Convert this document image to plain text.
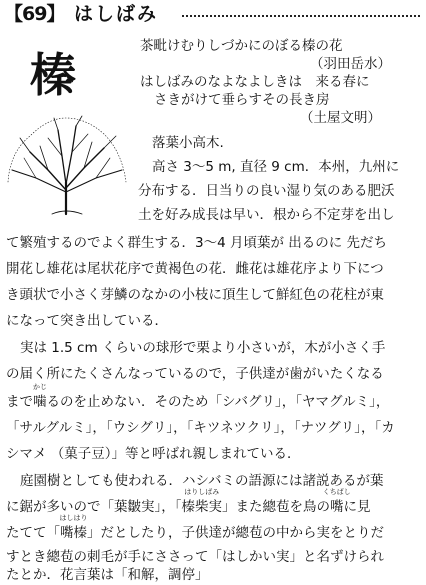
【69】 はしばみ
榛
茶毗けむりしづかにのぼる榛の花
（羽田岳水）
はしばみのなよなよしきは　来る春に
さきがけて垂らすその長き房
（土屋文明）
落葉小高木.
高さ 3～5 m, 直径 9 cm．本州，九州に
分布する．日当りの良い湿り気のある肥沃
土を好み成長は早い．根から不定芽を出し
て繁殖するのでよく群生する．3～4 月頃葉が 出るのに 先だち
開花し雄花は尾状花序で黄褐色の花．雌花は雄花序より下につ
き頭状で小さく芽鱗のなかの小枝に頂生して鮮紅色の花柱が東
になって突き出している．
実は 1.5 cm くらいの球形で栗より小さいが，木が小さく手
の届く所にたくさんなっているので，子供達が歯がいたくなる
まで噛るのを止めない．そのため「シバグリ」，「ヤマグルミ」，
かじ
「サルグルミ」，「ウシグリ」，「キツネツクリ」，「ナツグリ」，「カ
シマメ （菓子豆）」等と呼ばれ親しまれている．
庭園樹としても使われる．ハシバミの語源には諸説あるが葉
に鋸が多いので「葉皺実」，「
はりしばみ
榛柴実」また總苞を鳥の
くちばし
嘴に見
たてて「
はしはり
嘴榛」だとしたり，子供達が總苞の中から実をとりだ
すとき總苞の刺毛が手にささって「はしかい実」と名ずけられ
たとか．花言葉は「和解，調停」
